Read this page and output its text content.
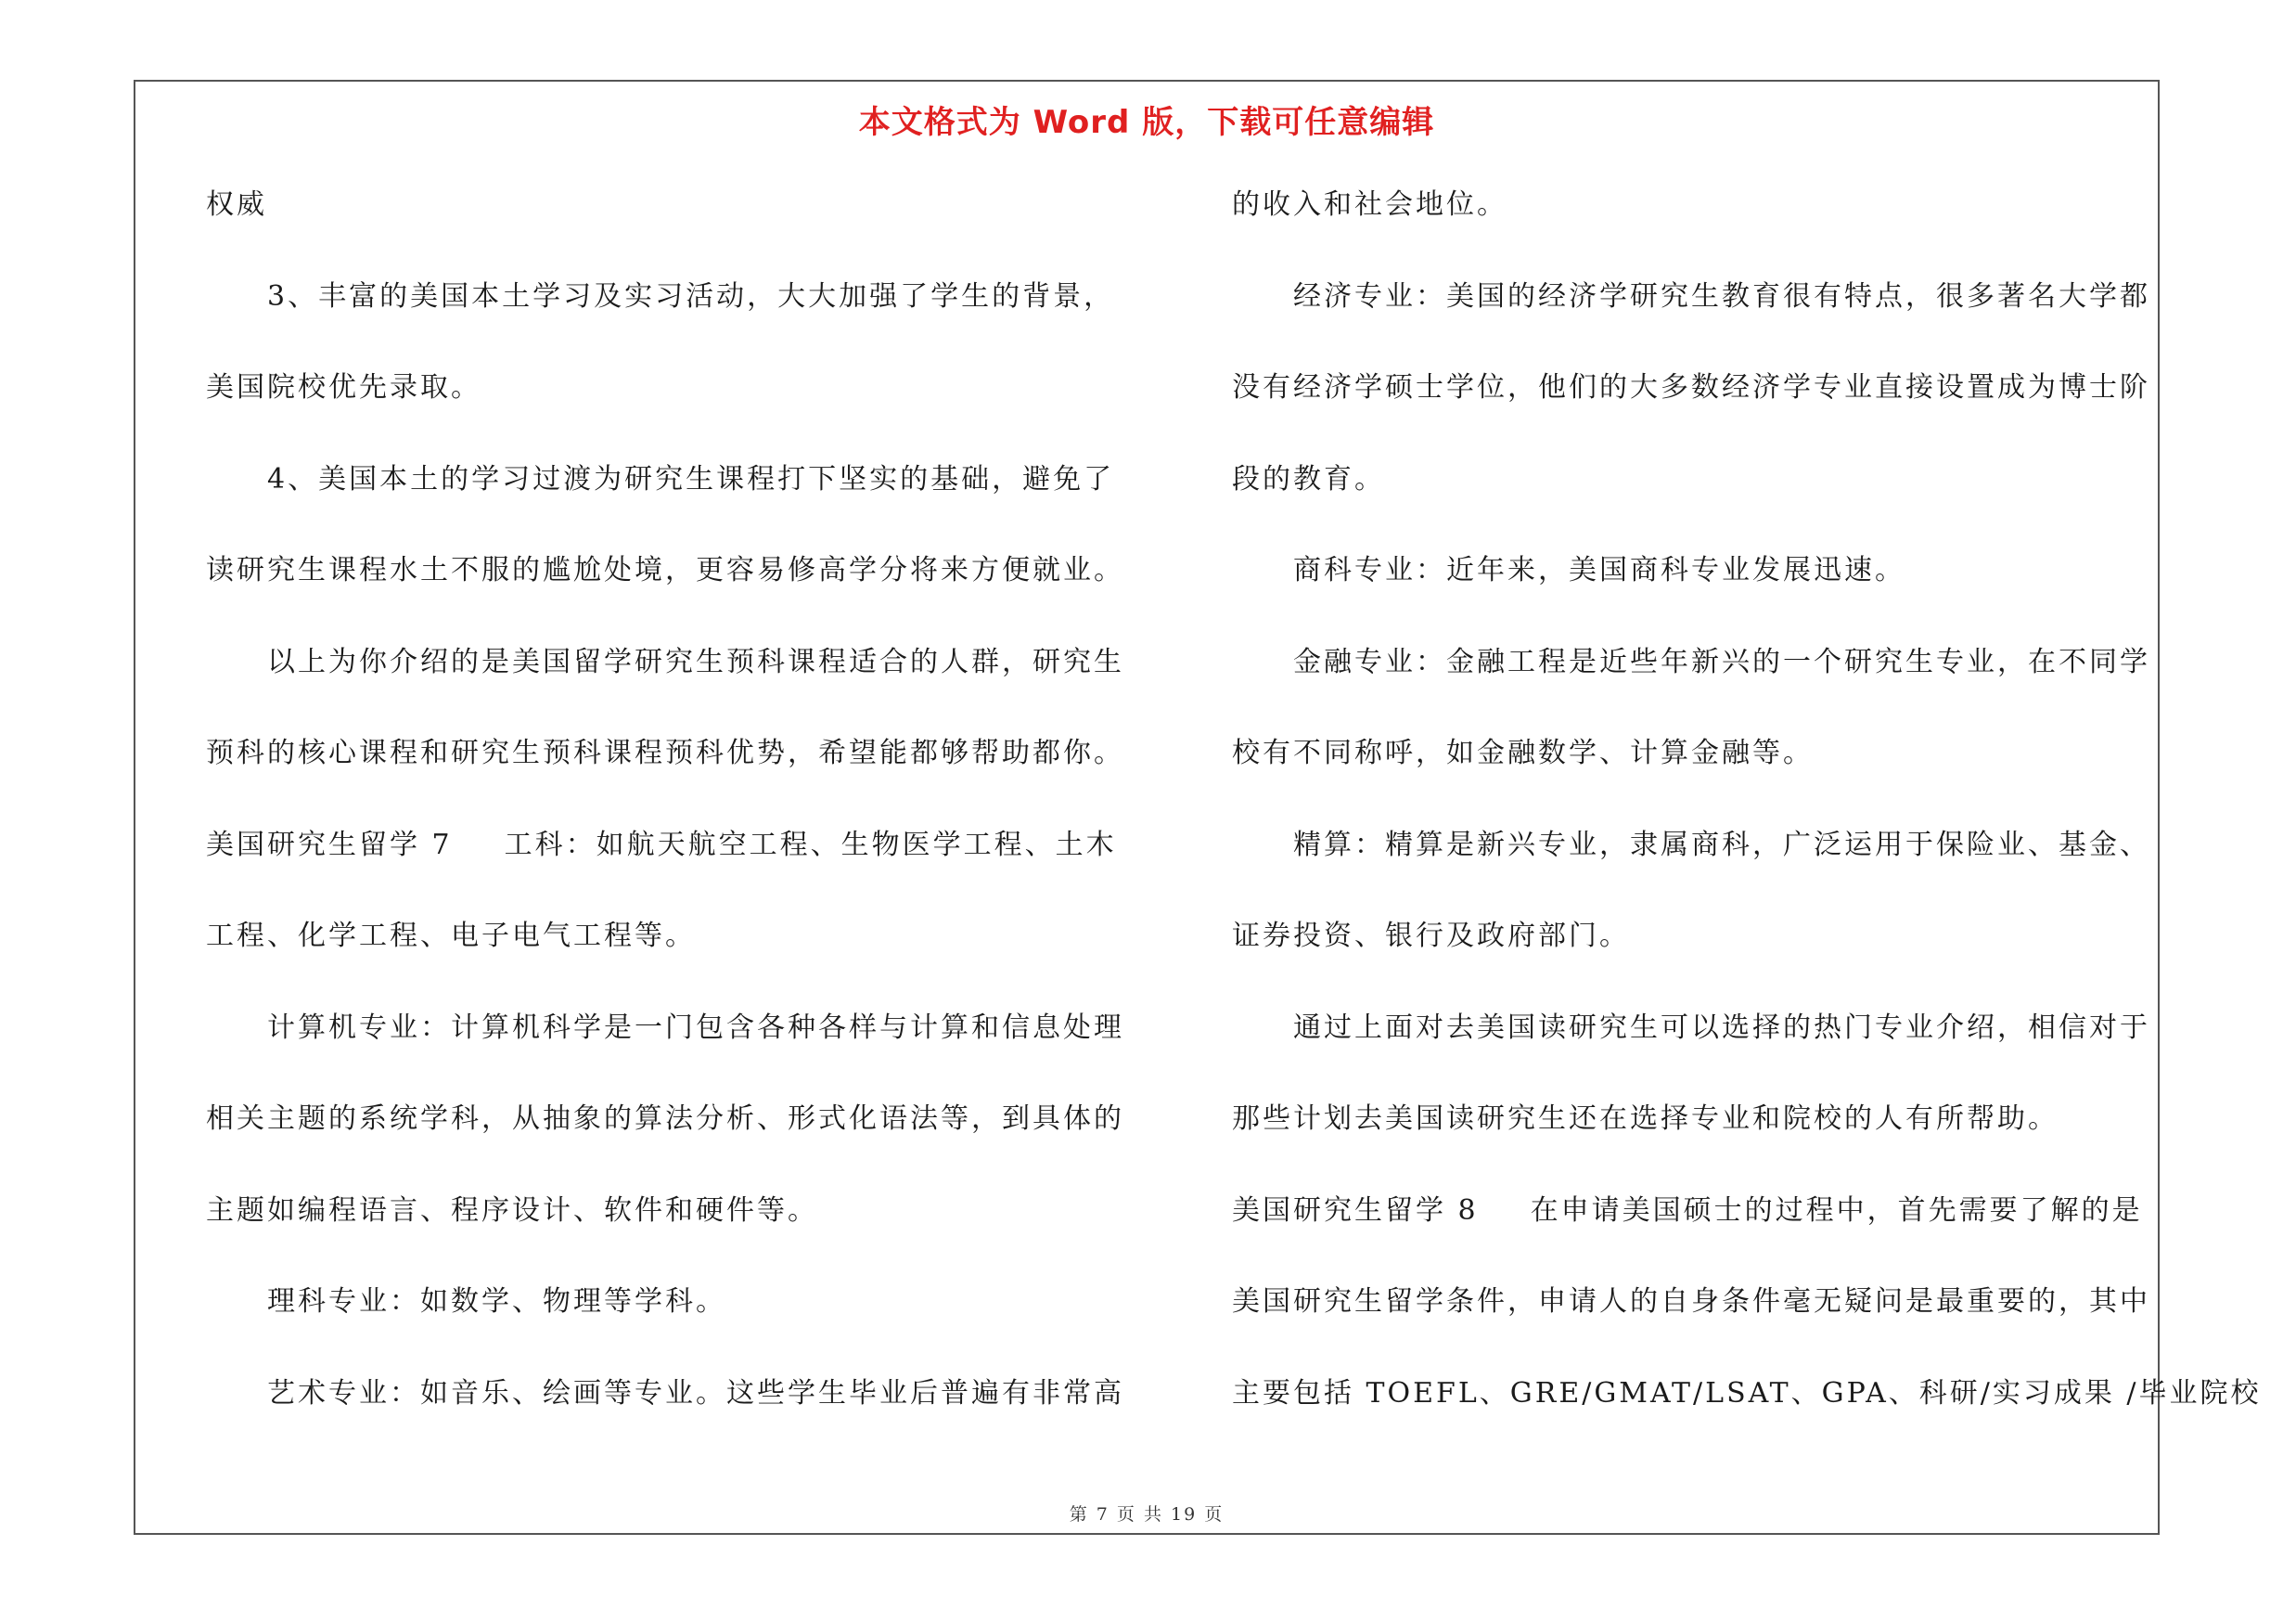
本文格式为 Word 版，下载可任意编辑
权威
3、丰富的美国本土学习及实习活动，大大加强了学生的背景，
美国院校优先录取。
4、美国本土的学习过渡为研究生课程打下坚实的基础，避免了
读研究生课程水土不服的尴尬处境，更容易修高学分将来方便就业。
以上为你介绍的是美国留学研究生预科课程适合的人群，研究生
预科的核心课程和研究生预科课程预科优势，希望能都够帮助都你。
美国研究生留学 7 工科：如航天航空工程、生物医学工程、土木
工程、化学工程、电子电气工程等。
计算机专业：计算机科学是一门包含各种各样与计算和信息处理
相关主题的系统学科，从抽象的算法分析、形式化语法等，到具体的
主题如编程语言、程序设计、软件和硬件等。
理科专业：如数学、物理等学科。
艺术专业：如音乐、绘画等专业。这些学生毕业后普遍有非常高
的收入和社会地位。
经济专业：美国的经济学研究生教育很有特点，很多著名大学都
没有经济学硕士学位，他们的大多数经济学专业直接设置成为博士阶
段的教育。
商科专业：近年来，美国商科专业发展迅速。
金融专业：金融工程是近些年新兴的一个研究生专业，在不同学
校有不同称呼，如金融数学、计算金融等。
精算：精算是新兴专业，隶属商科，广泛运用于保险业、基金、
证券投资、银行及政府部门。
通过上面对去美国读研究生可以选择的热门专业介绍，相信对于
那些计划去美国读研究生还在选择专业和院校的人有所帮助。
美国研究生留学 8 在申请美国硕士的过程中，首先需要了解的是
美国研究生留学条件，申请人的自身条件毫无疑问是最重要的，其中
主要包括 TOEFL、GRE/GMAT/LSAT、GPA、科研/实习成果 /毕业院校
第 7 页 共 19 页
